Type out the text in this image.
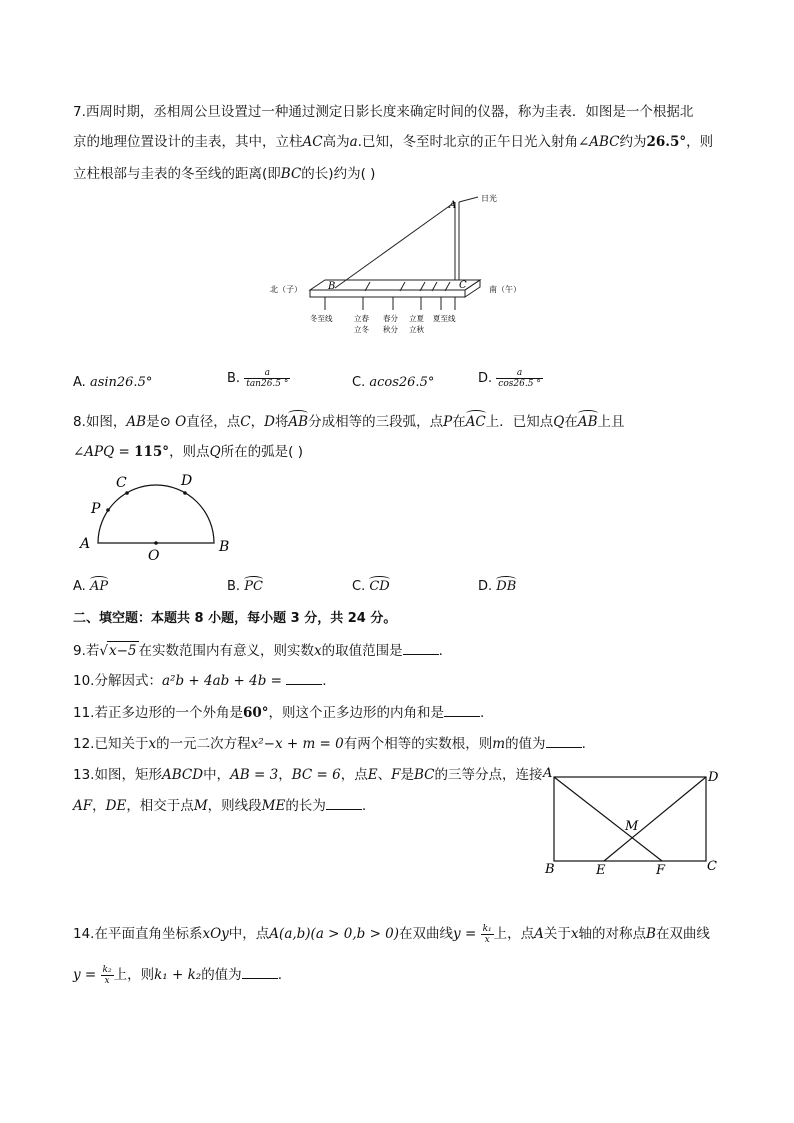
7.西周时期，丞相周公旦设置过一种通过测定日影长度来确定时间的仪器，称为圭表．如图是一个根据北
京的地理位置设计的圭表，其中，立柱AC高为a.已知，冬至时北京的正午日光入射角∠ABC约为26.5°，则
立柱根部与圭表的冬至线的距离(即BC的长)约为( )
A
B	C
日光
北（子）	南（午）
冬至线	立春 春分 立夏 夏至线
立冬 秋分 立秋
A. asin26.5°	B. $\frac{a}{\tan 26.5 ^\circ}$	C. acos26.5°	D. $\frac{a}{\cos 26.5 ^\circ}$
8.如图，AB是⊙ O直径，点C，D将AB分成相等的三段弧，点P在AC上．已知点Q在AB上且
∠APQ = 115°，则点Q所在的弧是( )
A	B
C	D
P
O
A. AP	B. PC	C. CD	D. DB
二、填空题：本题共 8 小题，每小题 3 分，共 24 分。
9.若√x−5 在实数范围内有意义，则实数x的取值范围是	.
10.分解因式：a²b + 4ab + 4b =	.
11.若正多边形的一个外角是60°，则这个正多边形的内角和是	.
12.已知关于x的一元二次方程x²−x + m = 0有两个相等的实数根，则m的值为	.
13.如图，矩形ABCD中，AB = 3，BC = 6，点E、F是BC的三等分点，连接
AF，DE，相交于点M，则线段ME的长为	.
A	D
B	C
E	F
M
14.在平面直角坐标系xOy中，点A(a,b)(a > 0,b > 0)在双曲线$y = \frac{\text{k₁}}{x}$ 上，点A关于x轴的对称点B在双曲线
$y = \frac{\text{k₂}}{x}$ 上，则k₁ + k₂的值为	.
